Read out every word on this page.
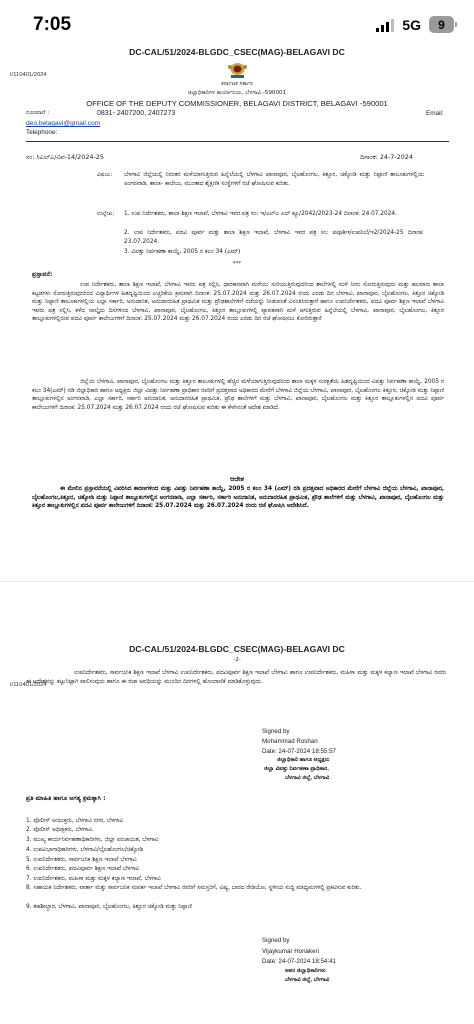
7:05	5G	9
DC-CAL/51/2024-BLGDC_CSEC(MAG)-BELAGAVI DC
I/110401/2024
ಕರ್ನಾಟಕ ಸರ್ಕಾರ
ಜಿಲ್ಲಾಧಿಕಾರಿಗಳ ಕಾರ್ಯಾಲಯ, ಬೆಳಗಾವಿ.-590001
OFFICE OF THE DEPUTY COMMISSIONER, BELAGAVI DISTRICT, BELAGAVI -590001
ದೂರವಾಣಿ :	0831- 2407200, 2407273	Email:
deo.belagavi@gmail.com
Telephone:
ಸಂ: ಸಿಎಲ್‌ಎ/ವಿಪ-14/2024-25	ದಿನಾಂಕ: 24-7-2024
ವಿಷಯ: ಬೆಳಗಾವಿ ಜಿಲ್ಲೆಯಲ್ಲಿ ನಿರಂತರ ಮಳೆಯಾಗುತ್ತಿರುವ ಹಿನ್ನೆಲೆಯಲ್ಲಿ ಬೆಳಗಾವಿ ಖಾನಾಪೂರ, ಬೈಲಹೊಂಗಲ, ಕಿತ್ತೂರ, ಚಿಕ್ಕೋಡಿ ಮತ್ತು ನಿಪ್ಪಾಣಿ ತಾಲೂಕುಗಳಲ್ಲಿಯ ಅಂಗನವಾಡಿ, ಶಾಲಾ- ಕಾಲೇಜು, ಮುಂತಾದ ಶೈಕ್ಷಣಿಕ ಸಂಸ್ಥೆಗಳಿಗೆ ರಜೆ ಘೋಷಿಸುವ ಕುರಿತು.
ಉಲ್ಲೇಖ: 1. ಉಪ ನಿರ್ದೇಶಕರು, ಶಾಲಾ ಶಿಕ್ಷಣ ಇಲಾಖೆ, ಬೆಳಗಾವಿ ಇವರ ಪತ್ರ ಸಂ: ಇ/ಎಲ್‌ಎ ಎಲ್ ಕ್ಯೂ/2042/2023-24 ದಿನಾಂಕ: 24.07.2024.
2. ಉಪ ನಿರ್ದೇಶಕರು, ಪದವಿ ಪೂರ್ವ ಮತ್ತು ಶಾಲಾ ಶಿಕ್ಷಣ ಇಲಾಖೆ, ಬೆಳಗಾವಿ ಇವರ ಪತ್ರ ಸಂ: ಪಪೂಶಿಇ/ಉಪನಿಬೆ/ಇ2/2024-25 ದಿನಾಂಕ: 23.07.2024.
3. ವಿಪತ್ತು ನಿರ್ವಹಣಾ ಕಾಯ್ದೆ, 2005 ರ ಕಲಂ 34 (ಎಮ್)
***
ಪ್ರಸ್ತಾವನೆ:
ಉಪ ನಿರ್ದೇಶಕರು, ಶಾಲಾ ಶಿಕ್ಷಣ ಇಲಾಖೆ, ಬೆಳಗಾವಿ ಇವರು ಪತ್ರ ಸಲ್ಲಿಸಿ, ಧಾರಕಾರವಾಗಿ ಮಳೆಯು ಸುರಿಯುತ್ತಿರುವುದರಿಂದ ಶಾಲೆಗಳಲ್ಲಿ ಮಳೆ ನೀರು ಸೋರುತ್ತಿರುವುದು ಮತ್ತು ಹಲವಾರು ಶಾಲಾ ಕಟ್ಟಡಗಳು ಸೋರುತ್ತಿರುವುದರಿಂದ ವಿದ್ಯಾರ್ಥಿಗಳ ಹಿತದೃಷ್ಟಿಯಿಂದ ಎಚ್ಚರಿಕೆಯ ಕ್ರಮವಾಗಿ ದಿನಾಂಕ: 25.07.2024 ಮತ್ತು 26.07.2024 ರಂದು ಎರಡು ದಿನ ಬೆಳಗಾವಿ, ಖಾನಾಪೂರ, ಬೈಲಹೊಂಗಲ, ಕಿತ್ತೂರ ಚಿಕ್ಕೋಡಿ ಮತ್ತು ನಿಪ್ಪಾಣಿ ತಾಲೂಕುಗಳಲ್ಲಿಯ ಎಲ್ಲಾ ಸರ್ಕಾರಿ, ಅನುದಾನಿತ, ಅನುದಾನರಹಿತ ಪ್ರಾಥಮಿಕ ಮತ್ತು ಪ್ರೌಢಶಾಲೆಗಳಿಗೆ ರಜೆಯನ್ನು ನೀಡುವಂತೆ ವಿನಂತಿಸಿರುತ್ತಾರೆ ಹಾಗೂ ಉಪನಿರ್ದೇಶಕರು, ಪದವಿ ಪೂರ್ವ ಶಿಕ್ಷಣ ಇಲಾಖೆ ಬೆಳಗಾವಿ ಇವರು ಪತ್ರ ಸಲ್ಲಿಸಿ, ಕಳೆದ ನಾಲ್ಕೈದು ದಿನಗಳಿಂದ ಬೆಳಗಾವಿ, ಖಾನಾಪೂರ, ಬೈಲಹೊಂಗಲ, ಕಿತ್ತೂರ ತಾಲ್ಲೂಕುಗಳಲ್ಲಿ ವ್ಯಾಪಕವಾಗಿ ಮಳೆ ಆಗುತ್ತಿರುವ ಹಿನ್ನೆಲೆಯಲ್ಲಿ ಬೆಳಗಾವಿ, ಖಾನಾಪೂರ, ಬೈಲಹೊಂಗಲ, ಕಿತ್ತೂರ ತಾಲ್ಲೂಕುಗಳಲ್ಲಿರುವ ಪದವಿ ಪೂರ್ವ ಕಾಲೇಜುಗಳಿಗೆ ದಿನಾಂಕ: 25.07.2024 ಮತ್ತು 26.07.2024 ರಂದು ಎರಡು ದಿನ ರಜೆ ಘೋಷಿಸಲು ಕೋರಿರುತ್ತಾರೆ
ಜಿಲ್ಲೆಯ ಬೆಳಗಾವಿ, ಖಾನಾಪೂರ, ಬೈಲಹೊಂಗಲ ಮತ್ತು ಕಿತ್ತೂರ ತಾಲೂಕುಗಳಲ್ಲಿ ಹೆಚ್ಚಿನ ಮಳೆಯಾಗುತ್ತಿರುವುದರಿಂದ ಶಾಲಾ ಮಕ್ಕಳ ಸುರಕ್ಷತೆಯ ಹಿತದೃಷ್ಟಿಯಿಂದ ವಿಪತ್ತು ನಿರ್ವಹಣಾ ಕಾಯ್ದೆ, 2005 ರ ಕಲಂ 34(ಎಮ್) ರಡಿ ಜಿಲ್ಲಾಧಿಕಾರಿ ಹಾಗೂ ಅಧ್ಯಕ್ಷರು ಜಿಲ್ಲಾ ವಿಪತ್ತು ನಿರ್ವಹಣಾ ಪ್ರಾಧಿಕಾರ ರವರಿಗೆ ಪ್ರದತ್ತವಾದ ಅಧಿಕಾರದ ಮೇರೆಗೆ ಬೆಳಗಾವಿ ಜಿಲ್ಲೆಯ ಬೆಳಗಾವಿ, ಖಾನಾಪೂರ, ಬೈಲಹೊಂಗಲ ಕಿತ್ತೂರ, ಚಿಕ್ಕೋಡಿ ಮತ್ತು ನಿಪ್ಪಾಣಿ ತಾಲ್ಲೂಕುಗಳಲ್ಲಿನ ಅಂಗನವಾಡಿ, ಎಲ್ಲಾ ಸರ್ಕಾರಿ, ಸರ್ಕಾರಿ ಅನುದಾನಿತ, ಅನುದಾನರಹಿತ ಪ್ರಾಥಮಿಕ, ಪ್ರೌಢ ಶಾಲೆಗಳಿಗೆ ಮತ್ತು ಬೆಳಗಾವಿ, ಖಾನಾಪೂರ, ಬೈಲಹೊಂಗಲ ಮತ್ತು ಕಿತ್ತೂರ ತಾಲ್ಲೂಕುಗಳಲ್ಲಿನ ಪದವಿ ಪೂರ್ವ ಕಾಲೇಜುಗಳಿಗೆ ದಿನಾಂಕ: 25.07.2024 ಮತ್ತು 26.07.2024 ರಂದು ರಜೆ ಘೋಷಿಸುವ ಕುರಿತು ಈ ಕೆಳಗಿನಂತೆ ಆದೇಶ ಮಾಡಿದೆ.
ಆದೇಶ
ಈ ಮೇಲಿನ ಪ್ರಸ್ತಾವನೆಯಲ್ಲಿ ವಿವರಿಸಿದ ಕಾರಣಗಳಿಂದ ಮತ್ತು ವಿಪತ್ತು ನಿರ್ವಹಣಾ ಕಾಯ್ದೆ, 2005 ರ ಕಲಂ 34 (ಎಮ್) ರಡಿ ಪ್ರದತ್ತವಾದ ಅಧಿಕಾರದ ಮೇರೆಗೆ ಬೆಳಗಾವಿ ಜಿಲ್ಲೆಯ ಬೆಳಗಾವಿ, ಖಾನಾಪೂರ, ಬೈಲಹೊಂಗಲ,ಕಿತ್ತೂರ, ಚಿಕ್ಕೋಡಿ ಮತ್ತು ನಿಪ್ಪಾಣಿ ತಾಲ್ಲೂಕುಗಳಲ್ಲಿನ ಅಂಗನವಾಡಿ, ಎಲ್ಲಾ ಸರ್ಕಾರಿ, ಸರ್ಕಾರಿ ಅನುದಾನಿತ, ಅನುದಾನರಹಿತ ಪ್ರಾಥಮಿಕ, ಪ್ರೌಢ ಶಾಲೆಗಳಿಗೆ ಮತ್ತು ಬೆಳಗಾವಿ, ಖಾನಾಪೂರ, ಬೈಲಹೊಂಗಲ ಮತ್ತು ಕಿತ್ತೂರ ತಾಲ್ಲೂಕುಗಳಲ್ಲಿನ ಪದವಿ ಪೂರ್ವ ಕಾಲೇಜುಗಳಿಗೆ ದಿನಾಂಕ: 25.07.2024 ಮತ್ತು 26.07.2024 ರಂದು ರಜೆ ಘೋಷಿಸಿ ಆದೇಶಿಸಿದೆ.
DC-CAL/51/2024-BLGDC_CSEC(MAG)-BELAGAVI DC
-2-
I/110401/2024
ಉಪನಿರ್ದೇಶಕರು, ಸಾರ್ವಜನಿಕ ಶಿಕ್ಷಣ ಇಲಾಖೆ ಬೆಳಗಾವಿ ಉಪನಿರ್ದೇಶಕರು, ಪದವಿಪೂರ್ವ ಶಿಕ್ಷಣ ಇಲಾಖೆ ಬೆಳಗಾವಿ ಹಾಗೂ ಉಪನಿರ್ದೇಶಕರು, ಮಹಿಳಾ ಮತ್ತು ಮಕ್ಕಳ ಕಲ್ಯಾಣ ಇಲಾಖೆ ಬೆಳಗಾವಿ ರವರು ಈ ಆದೇಶವನ್ನು ಕಟ್ಟುನಿಟ್ಟಾಗಿ ಪಾಲಿಸುವುದು ಹಾಗೂ ಈ ರಜಾ ಅವಧಿಯನ್ನು ಮುಂದಿನ ದಿನಗಳಲ್ಲಿ ಹೊಂದಾಣಿಕೆ ಮಾಡಿಕೊಳ್ಳುವುದು.
Signed by
Mohammad Roshan
Date: 24-07-2024 18:55:57
ಜಿಲ್ಲಾಧಿಕಾರಿ ಹಾಗೂ ಅಧ್ಯಕ್ಷರು
ಜಿಲ್ಲಾ ವಿಪತ್ತು ನಿರ್ವಹಣಾ ಪ್ರಾಧಿಕಾರ,
ಬೆಳಗಾವಿ ಜಿಲ್ಲೆ, ಬೆಳಗಾವಿ
ಪ್ರತಿ ಮಾಹಿತಿ ಹಾಗೂ ಅಗತ್ಯ ಕ್ರಮಕ್ಕಾಗಿ :
1. ಪೊಲೀಸ್ ಆಯುಕ್ತರು, ಬೆಳಗಾವಿ ನಗರ, ಬೆಳಗಾವಿ
2. ಪೊಲೀಸ್ ಅಧೀಕ್ಷಕರು, ಬೆಳಗಾವಿ.
3. ಮುಖ್ಯ ಕಾರ್ಯನಿರ್ವಹಣಾಧಿಕಾರಿಗಳು, ಜಿಲ್ಲಾ ಪಂಚಾಯತ, ಬೆಳಗಾವಿ
4. ಉಪವಿಭಾಗಾಧಿಕಾರಿಗಳು, ಬೆಳಗಾವಿ/ಬೈಲಹೊಂಗಲ/ಚಿಕ್ಕೋಡಿ
5. ಉಪನಿರ್ದೇಶಕರು, ಸಾರ್ವಜನಿಕ ಶಿಕ್ಷಣ ಇಲಾಖೆ ಬೆಳಗಾವಿ
6. ಉಪನಿರ್ದೇಶಕರು, ಪದವಿಪೂರ್ವ ಶಿಕ್ಷಣ ಇಲಾಖೆ ಬೆಳಗಾವಿ
7. ಉಪನಿರ್ದೇಶಕರು, ಮಹಿಳಾ ಮತ್ತು ಮಕ್ಕಳ ಕಲ್ಯಾಣ ಇಲಾಖೆ, ಬೆಳಗಾವಿ
8. ಸಹಾಯಕ ನಿರ್ದೇಶಕರು, ವಾರ್ತಾ ಮತ್ತು ಸಾರ್ವಜನಿಕ ಸಂಪರ್ಕ ಇಲಾಖೆ ಬೆಳಗಾವಿ ರವರಿಗೆ ಸಮಸ್ತರಿಗೆ, ವಿಷ್ಯ, ಬಾರದ ರೇಡಿಯೋ, ಸ್ಥಳೀಯ ಸುದ್ದಿ ಮಾಧ್ಯಮಗಳಲ್ಲಿ ಪ್ರಕಟಿಸುವ ಕುರಿತು.
9. ತಹಶೀಲ್ದಾರ, ಬೆಳಗಾವಿ, ಖಾನಾಪೂರ, ಬೈಲಹೊಂಗಲ, ಕಿತ್ತೂರ ಚಿಕ್ಕೋಡಿ ಮತ್ತು ನಿಪ್ಪಾಣಿ
Signed by
Vijaykumar Honakeri
Date: 24-07-2024 18:54:41
ಅಪರ ಜಿಲ್ಲಾಧಿಕಾರಿಗಳು
ಬೆಳಗಾವಿ ಜಿಲ್ಲೆ, ಬೆಳಗಾವಿ
